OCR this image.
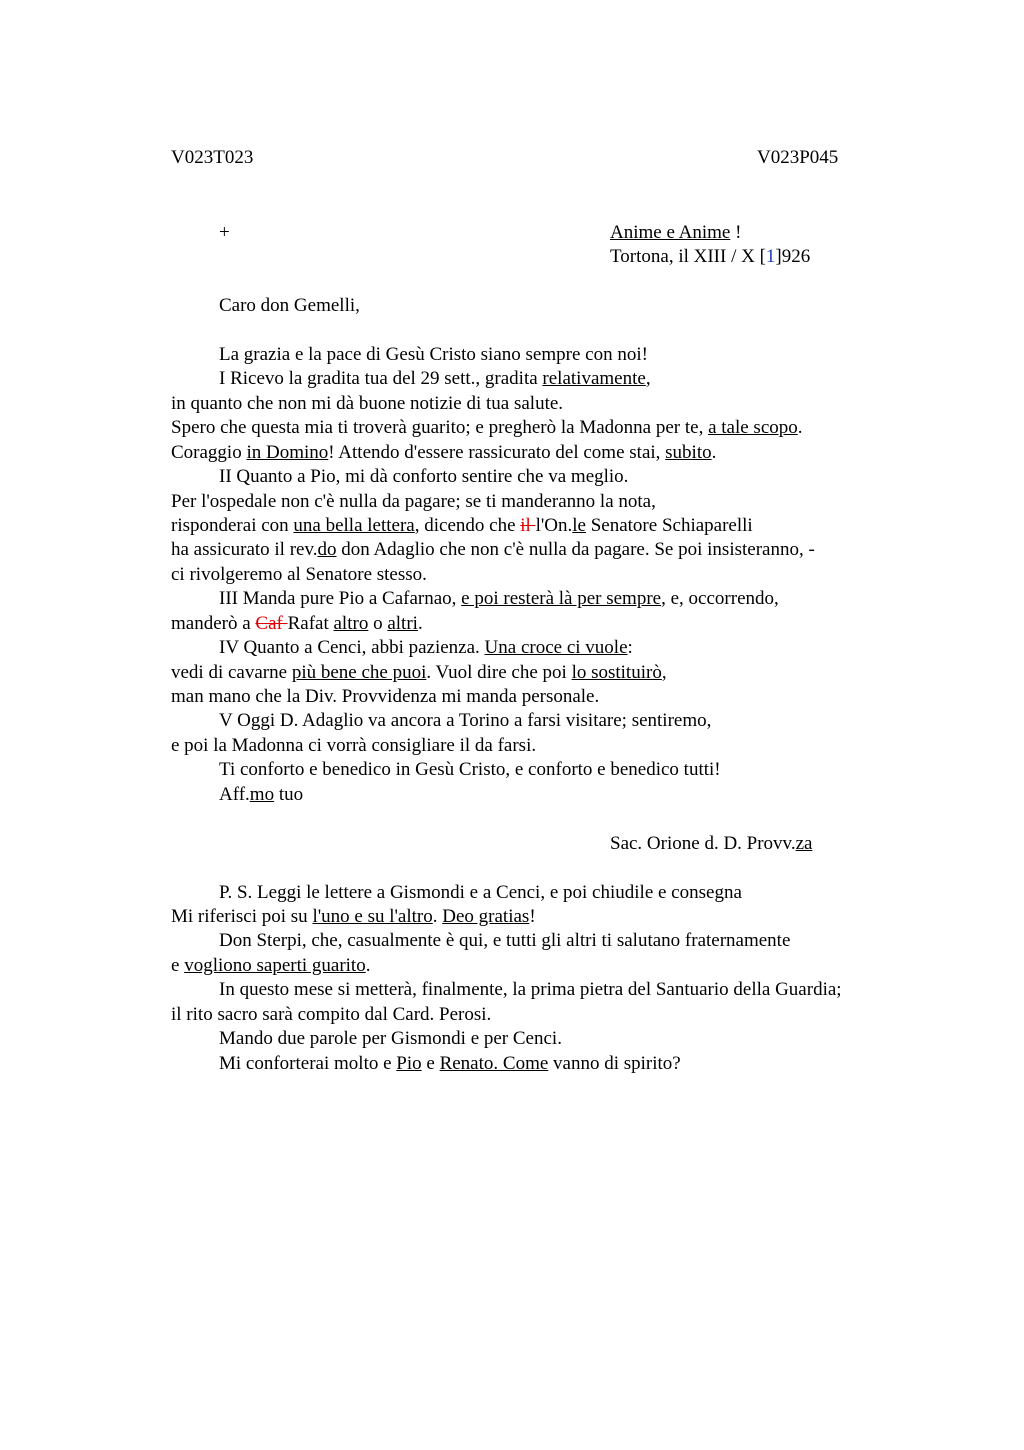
V023T023	V023P045
+	Anime e Anime !
Tortona, il XIII / X [1]926
Caro don Gemelli,
La grazia e la pace di Gesù Cristo siano sempre con noi!
I Ricevo la gradita tua del 29 sett., gradita relativamente,
in quanto che non mi dà buone notizie di tua salute.
Spero che questa mia ti troverà guarito; e pregherò la Madonna per te, a tale scopo.
Coraggio in Domino! Attendo d'essere rassicurato del come stai, subito.
II Quanto a Pio, mi dà conforto sentire che va meglio.
Per l'ospedale non c'è nulla da pagare; se ti manderanno la nota,
risponderai con una bella lettera, dicendo che il l'On.le Senatore Schiaparelli
ha assicurato il rev.do don Adaglio che non c'è nulla da pagare. Se poi insisteranno, -
ci rivolgeremo al Senatore stesso.
III Manda pure Pio a Cafarnao, e poi resterà là per sempre, e, occorrendo,
manderò a Caf Rafat altro o altri.
IV Quanto a Cenci, abbi pazienza. Una croce ci vuole:
vedi di cavarne più bene che puoi. Vuol dire che poi lo sostituirò,
man mano che la Div. Provvidenza mi manda personale.
V Oggi D. Adaglio va ancora a Torino a farsi visitare; sentiremo,
e poi la Madonna ci vorrà consigliare il da farsi.
Ti conforto e benedico in Gesù Cristo, e conforto e benedico tutti!
Aff.mo tuo
Sac. Orione d. D. Provv.za
P. S. Leggi le lettere a Gismondi e a Cenci, e poi chiudile e consegna
Mi riferisci poi su l'uno e su l'altro. Deo gratias!
Don Sterpi, che, casualmente è qui, e tutti gli altri ti salutano fraternamente
e vogliono saperti guarito.
In questo mese si metterà, finalmente, la prima pietra del Santuario della Guardia;
il rito sacro sarà compito dal Card. Perosi.
Mando due parole per Gismondi e per Cenci.
Mi conforterai molto e Pio e Renato. Come vanno di spirito?
